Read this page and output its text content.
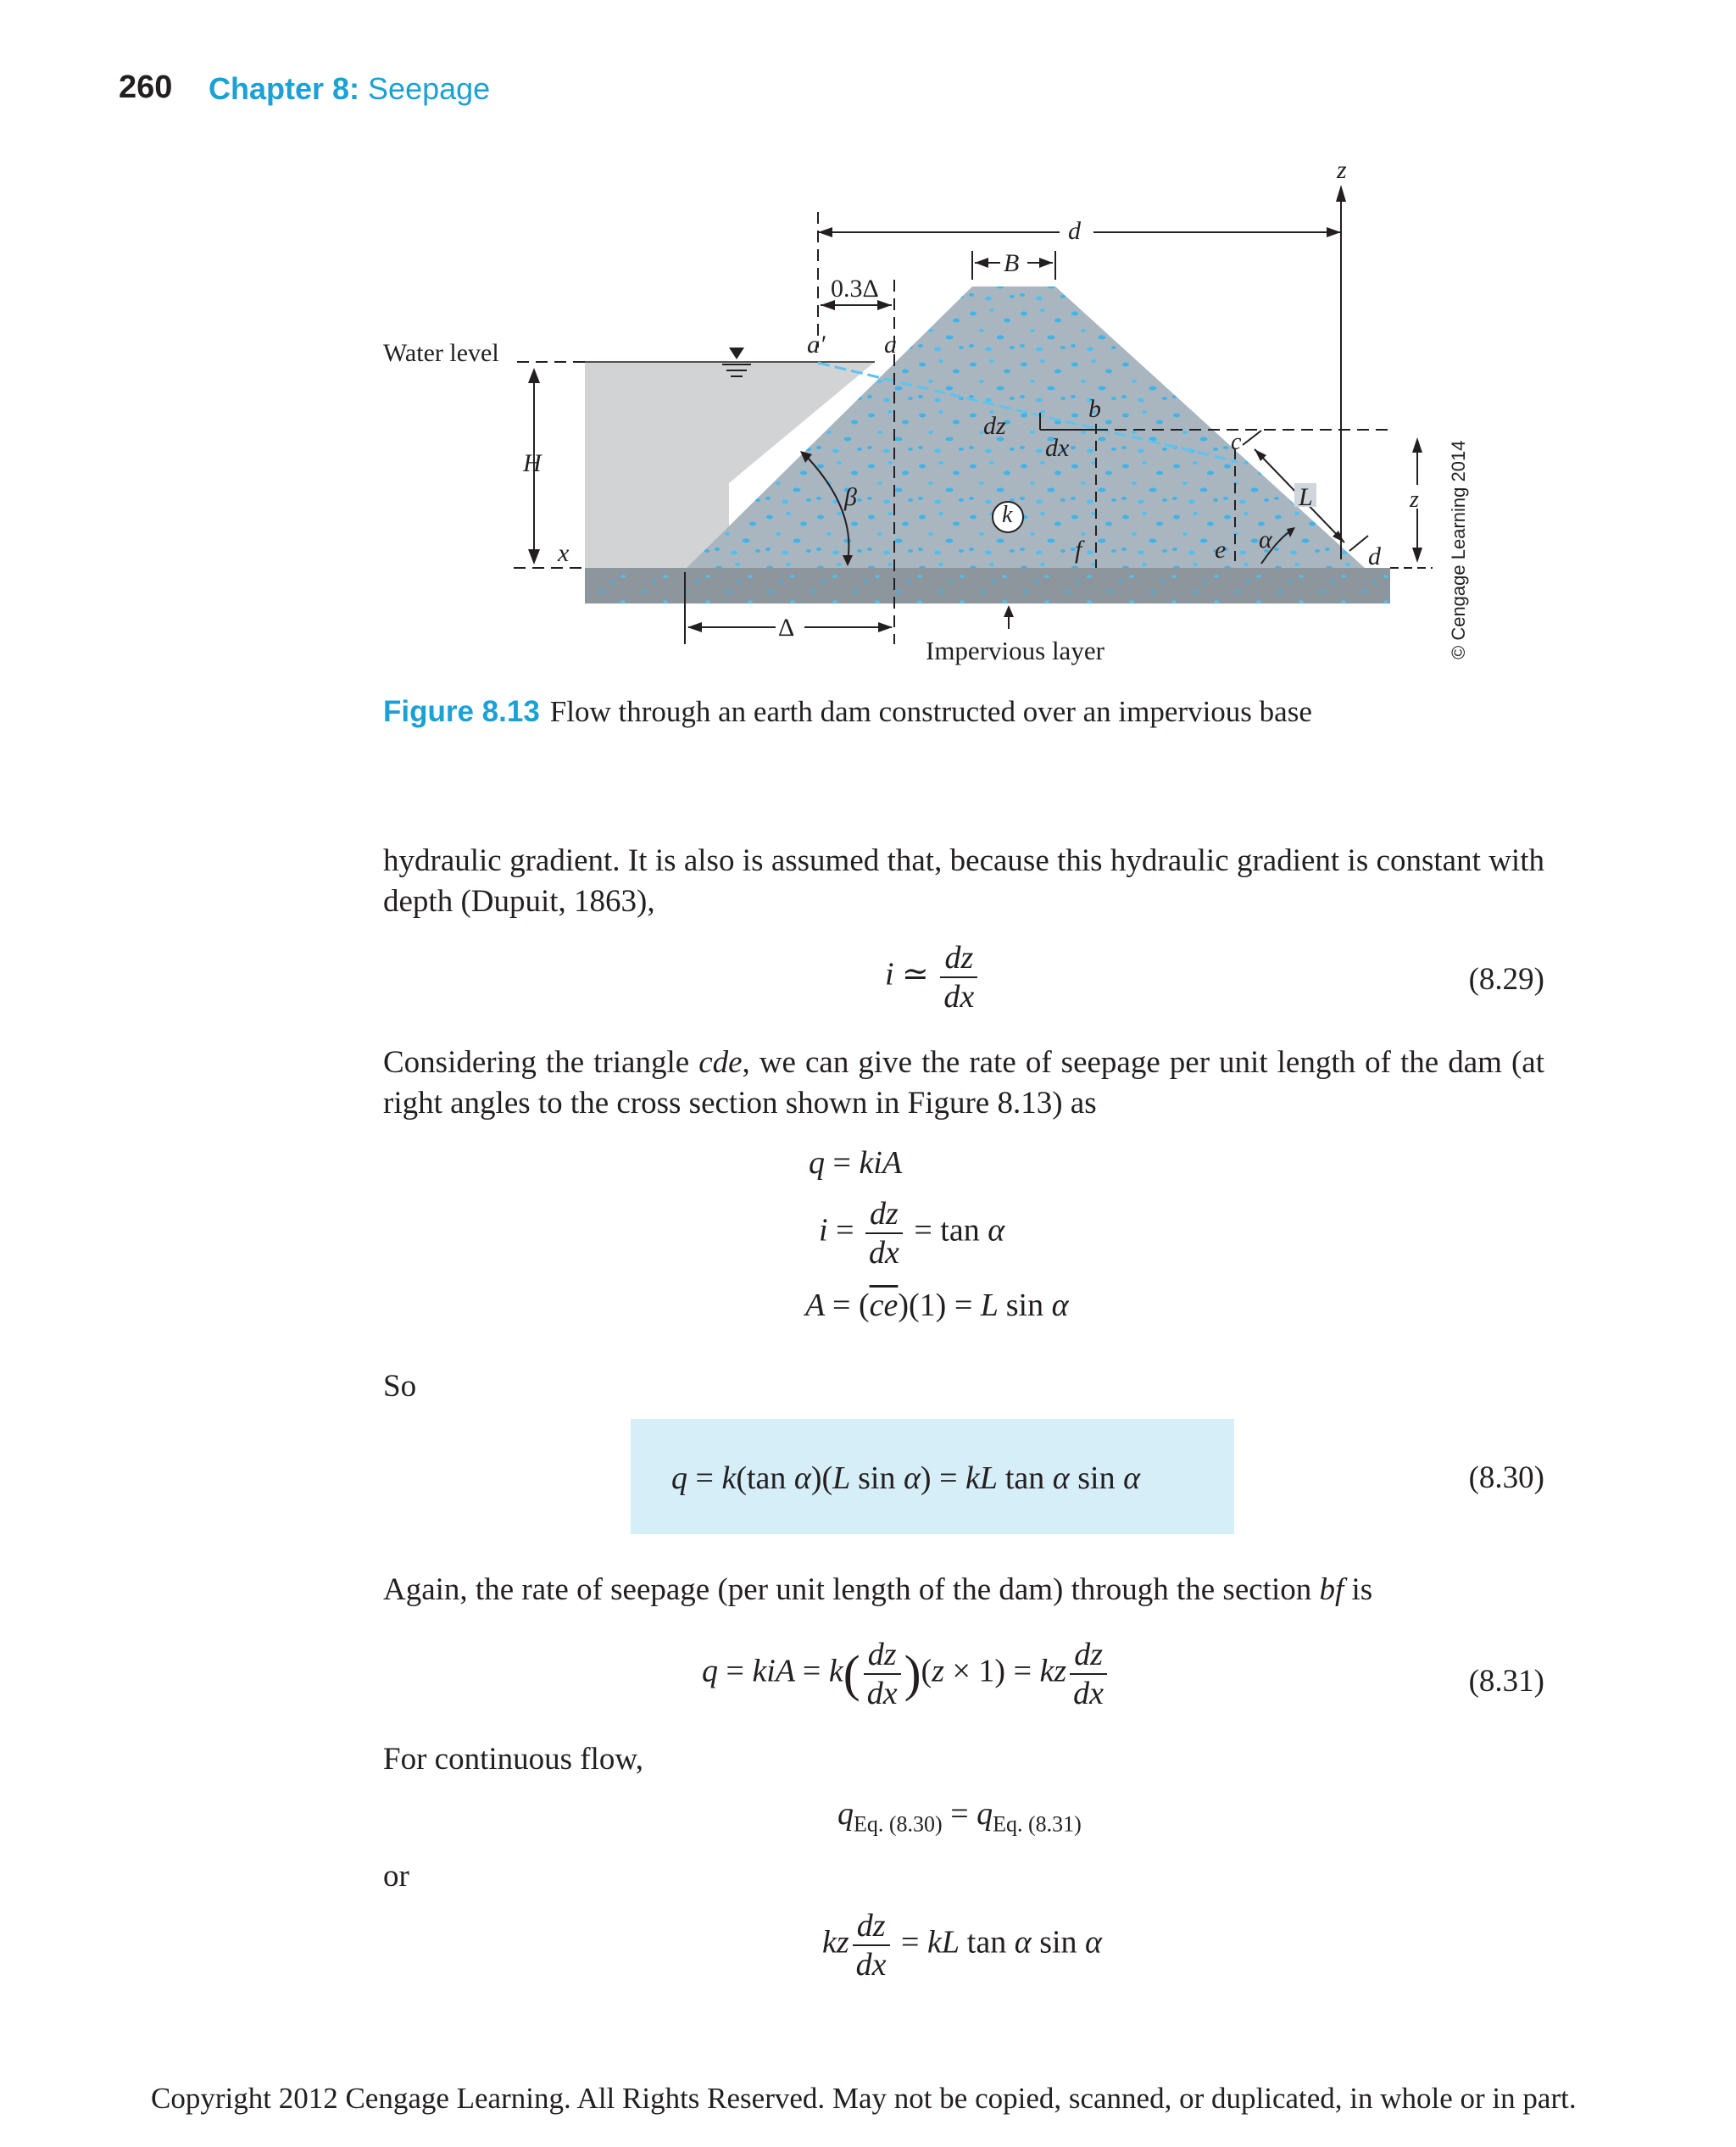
260 Chapter 8: Seepage
Water level
H
x
a′ a
0.3Δ
B
d
z
dz
dx
b
c
L	z
β
k
f	e α
d
Δ
Impervious layer	© Cengage Learning 2014
Figure 8.13 Flow through an earth dam constructed over an impervious base
hydraulic gradient. It is also is assumed that, because this hydraulic gradient is constant with depth (Dupuit, 1863),
i ≃ $\frac{dz}{dx}$	(8.29)
Considering the triangle cde, we can give the rate of seepage per unit length of the dam (at right angles to the cross section shown in Figure 8.13) as
q = kiA
$i = \frac{dz}{dx} = \tan \alpha$
$A = (\overline{ce})(1) = L$ sin α
So
q = k(tan α)(L sin α) = kL tan α sin α	(8.30)
Again, the rate of seepage (per unit length of the dam) through the section bf is
q = kiA = $k( \frac{dz}{dx} )(z \times 1)$ = kz $\frac{dz}{dx}$	(8.31)
For continuous flow,
$q_{Eq. (8.30)} = q_{Eq. (8.31)}$
or
kz $\frac{dz}{dx}$ = kL tan α sin α
Copyright 2012 Cengage Learning. All Rights Reserved. May not be copied, scanned, or duplicated, in whole or in part.
